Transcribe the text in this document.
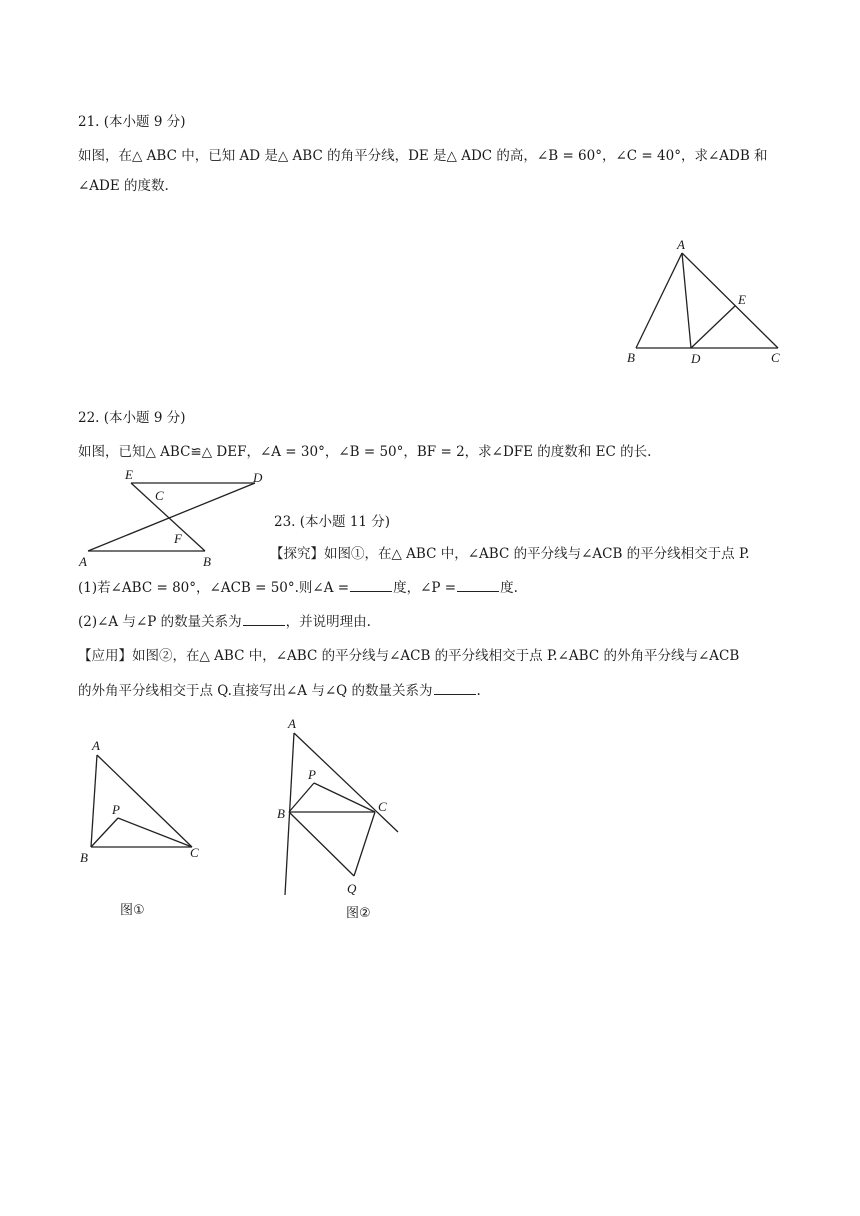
21. (本小题 9 分)
如图，在△ ABC 中，已知 AD 是△ ABC 的角平分线，DE 是△ ADC 的高，∠B = 60°，∠C = 40°，求∠ADB 和
∠ADE 的度数.
A
B	C
D
E
22. (本小题 9 分)
如图，已知△ ABC≌△ DEF，∠A = 30°，∠B = 50°，BF = 2，求∠DFE 的度数和 EC 的长.
E	D
C
F
A	B
23. (本小题 11 分)
【探究】如图①，在△ ABC 中，∠ABC 的平分线与∠ACB 的平分线相交于点 P.
(1)若∠ABC = 80°，∠ACB = 50°.则∠A =	度，∠P =	度.
(2)∠A 与∠P 的数量关系为	，并说明理由.
【应用】如图②，在△ ABC 中，∠ABC 的平分线与∠ACB 的平分线相交于点 P.∠ABC 的外角平分线与∠ACB
的外角平分线相交于点 Q.直接写出∠A 与∠Q 的数量关系为	.
A
P
B	C
图①
A
P
B	C
Q
图②
